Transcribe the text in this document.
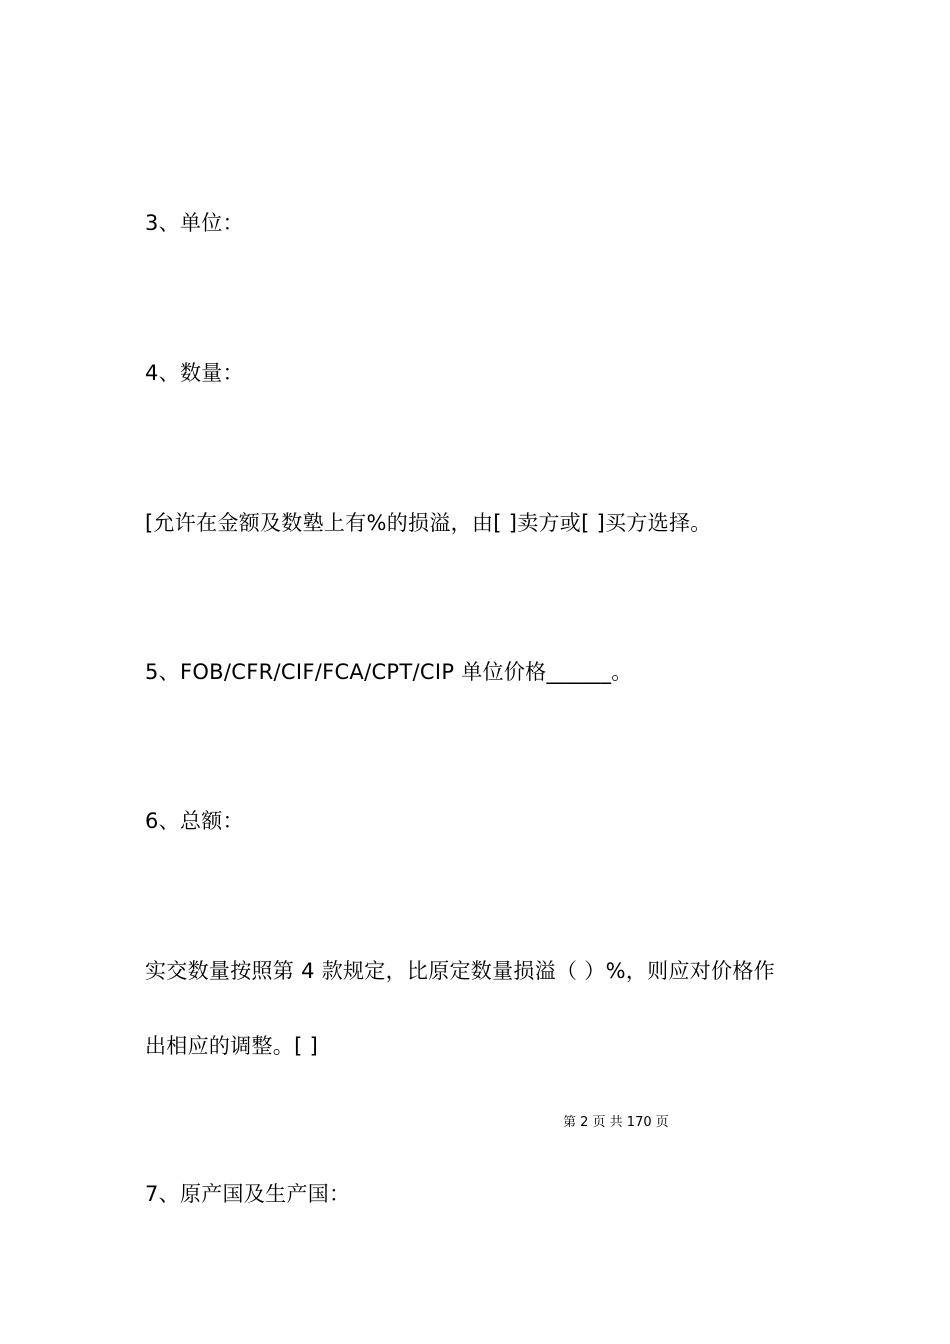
3、单位：
4、数量：
[允许在金额及数塾上有%的损溢，由[ ]卖方或[ ]买方选择。
5、FOB/CFR/CIF/FCA/CPT/CIP 单位价格______。
6、总额：
实交数量按照第 4 款规定，比原定数量损溢（ ）%，则应对价格作
出相应的调整。[ ]
第 2 页 共 170 页
7、原产国及生产国：
